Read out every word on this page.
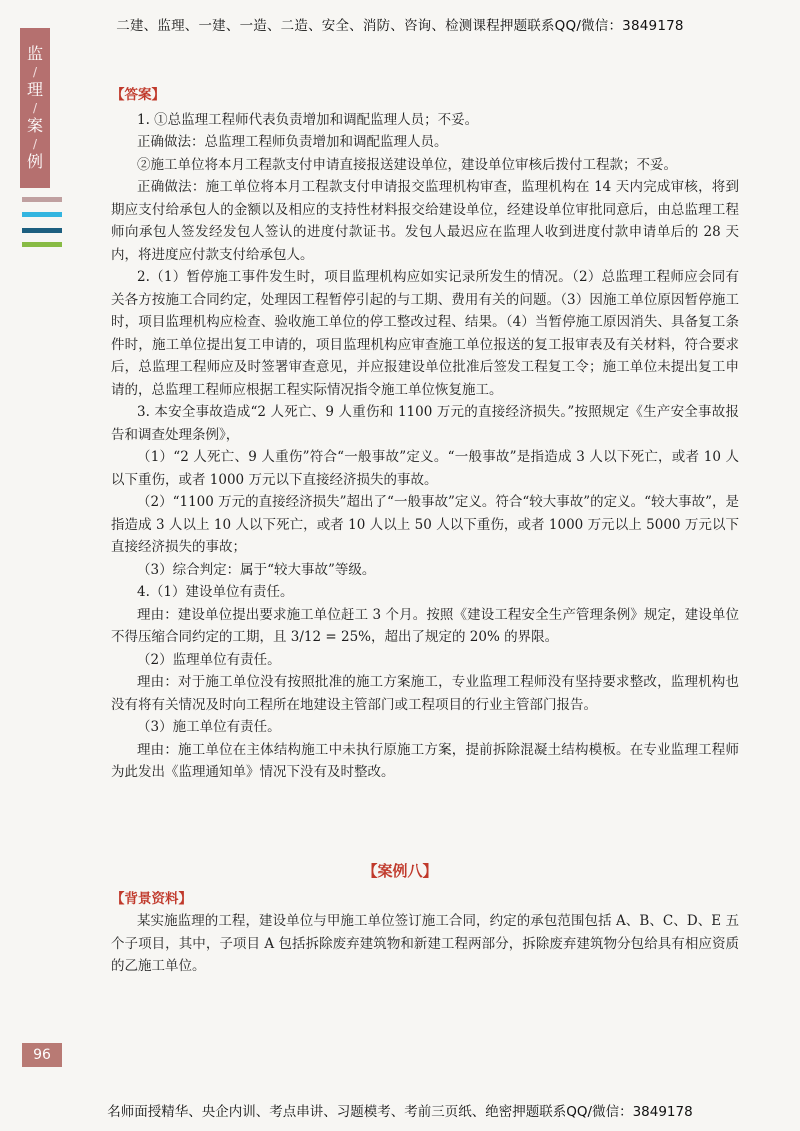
二建、监理、一建、一造、二造、安全、消防、咨询、检测课程押题联系QQ/微信：3849178
监
/
理
/
案
/
例
【答案】

1. ①总监理工程师代表负责增加和调配监理人员；不妥。

正确做法：总监理工程师负责增加和调配监理人员。

②施工单位将本月工程款支付申请直接报送建设单位，建设单位审核后拨付工程款；不妥。

正确做法：施工单位将本月工程款支付申请报交监理机构审查，监理机构在 14 天内完成审核，将到期应支付给承包人的金额以及相应的支持性材料报交给建设单位，经建设单位审批同意后，由总监理工程师向承包人签发经发包人签认的进度付款证书。发包人最迟应在监理人收到进度付款申请单后的 28 天内，将进度应付款支付给承包人。

2.（1）暂停施工事件发生时，项目监理机构应如实记录所发生的情况。（2）总监理工程师应会同有关各方按施工合同约定，处理因工程暂停引起的与工期、费用有关的问题。（3）因施工单位原因暂停施工时，项目监理机构应检查、验收施工单位的停工整改过程、结果。（4）当暂停施工原因消失、具备复工条件时，施工单位提出复工申请的，项目监理机构应审查施工单位报送的复工报审表及有关材料，符合要求后，总监理工程师应及时签署审查意见，并应报建设单位批准后签发工程复工令；施工单位未提出复工申请的，总监理工程师应根据工程实际情况指令施工单位恢复施工。

3. 本安全事故造成“2 人死亡、9 人重伤和 1100 万元的直接经济损失。”按照规定《生产安全事故报告和调查处理条例》，

（1）“2 人死亡、9 人重伤”符合“一般事故”定义。“一般事故”是指造成 3 人以下死亡，或者 10 人以下重伤，或者 1000 万元以下直接经济损失的事故。

（2）“1100 万元的直接经济损失”超出了“一般事故”定义。符合“较大事故”的定义。“较大事故”，是指造成 3 人以上 10 人以下死亡，或者 10 人以上 50 人以下重伤，或者 1000 万元以上 5000 万元以下直接经济损失的事故；

（3）综合判定：属于“较大事故”等级。

4.（1）建设单位有责任。

理由：建设单位提出要求施工单位赶工 3 个月。按照《建设工程安全生产管理条例》规定，建设单位不得压缩合同约定的工期，且 3/12 = 25%，超出了规定的 20% 的界限。

（2）监理单位有责任。

理由：对于施工单位没有按照批准的施工方案施工，专业监理工程师没有坚持要求整改，监理机构也没有将有关情况及时向工程所在地建设主管部门或工程项目的行业主管部门报告。

（3）施工单位有责任。

理由：施工单位在主体结构施工中未执行原施工方案，提前拆除混凝土结构模板。在专业监理工程师为此发出《监理通知单》情况下没有及时整改。

【案例八】
【背景资料】

某实施监理的工程，建设单位与甲施工单位签订施工合同，约定的承包范围包括 A、B、C、D、E 五个子项目，其中，子项目 A 包括拆除废弃建筑物和新建工程两部分，拆除废弃建筑物分包给具有相应资质的乙施工单位。

96
名师面授精华、央企内训、考点串讲、习题模考、考前三页纸、绝密押题联系QQ/微信：3849178
